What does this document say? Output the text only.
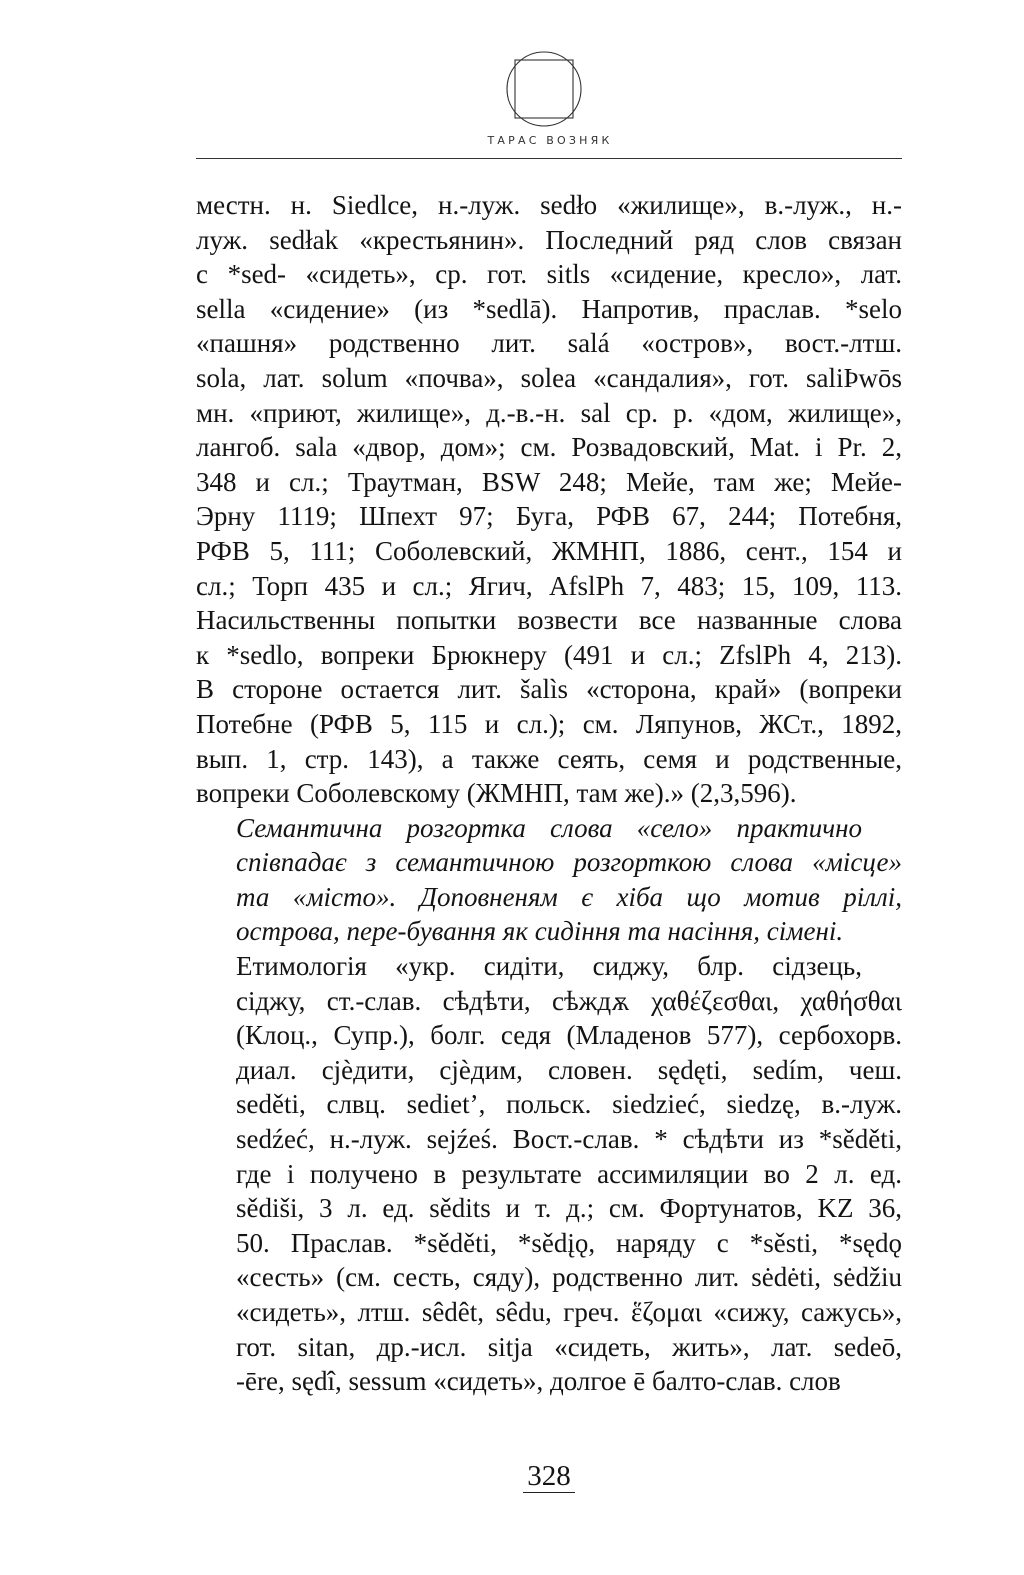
ТАРАС ВОЗНЯК

местн. н. Siedlce, н.-луж. sedło «жилище», в.-луж., н.-
луж. sedłak «крестьянин». Последний ряд слов связан
с *sed- «сидеть», ср. гот. sitls «сидение, кресло», лат.
sella «сидение» (из *sedlā). Напротив, праслав. *selo
«пашня» родственно лит. salá «остров», вост.-лтш.
sola, лат. solum «почва», solea «сандалия», гот. saliÞwōs
мн. «приют, жилище», д.-в.-н. sal ср. р. «дом, жилище»,
лангоб. sala «двор, дом»; см. Розвадовский, Mat. i Pr. 2,
348 и сл.; Траутман, BSW 248; Мейе, там же; Мейе-
Эрну 1119; Шпехт 97; Буга, РФВ 67, 244; Потебня,
РФВ 5, 111; Соболевский, ЖМНП, 1886, сент., 154 и
сл.; Торп 435 и сл.; Ягич, AfslPh 7, 483; 15, 109, 113.
Насильственны попытки возвести все названные слова
к *sedlo, вопреки Брюкнеру (491 и сл.; ZfslPh 4, 213).
В стороне остается лит. šalìs «сторона, край» (вопреки
Потебне (РФВ 5, 115 и сл.); см. Ляпунов, ЖСт., 1892,
вып. 1, стр. 143), а также сеять, семя и родственные,
вопреки Соболевскому (ЖМНП, там же).» (2,3,596).

Семантична розгортка слова «село» практично
співпадає з семантичною розгорткою слова «місце»
та «місто». Доповненям є хіба що мотив ріллі,
острова, пере-бування як сидіння та насіння, сімені.

Етимологія «укр. сидіти, сиджу, блр. сідзець,
сіджу, ст.-слав. сѣдѣти, сѣждѫ χαθέζεσθαι, χαθήσθαι
(Клоц., Супр.), болг. седя (Младенов 577), сербохорв.
диал. сjѐдити, сjѐдим, словен. sędęti, sedím, чеш.
seděti, слвц. sediet’, польск. siedzieć, siedzę, в.-луж.
sedźeć, н.-луж. sejźeś. Вост.-слав. * сѣдѣти из *sěděti,
где і получено в результате ассимиляции во 2 л. ед.
sědiši, 3 л. ед. sědits и т. д.; см. Фортунатов, KZ 36,
50. Праслав. *sěděti, *sědįǫ, наряду с *sěsti, *sędǫ
«сесть» (см. сесть, сяду), родственно лит. sėdėti, sėdžiu
«сидеть», лтш. sêdêt, sêdu, греч. ἕζομαι «сижу, сажусь»,
гот. sitan, др.-исл. sitja «сидеть, жить», лат. sedeō,
-ēre, sędî, sessum «сидеть», долгое ē балто-слав. слов

328
